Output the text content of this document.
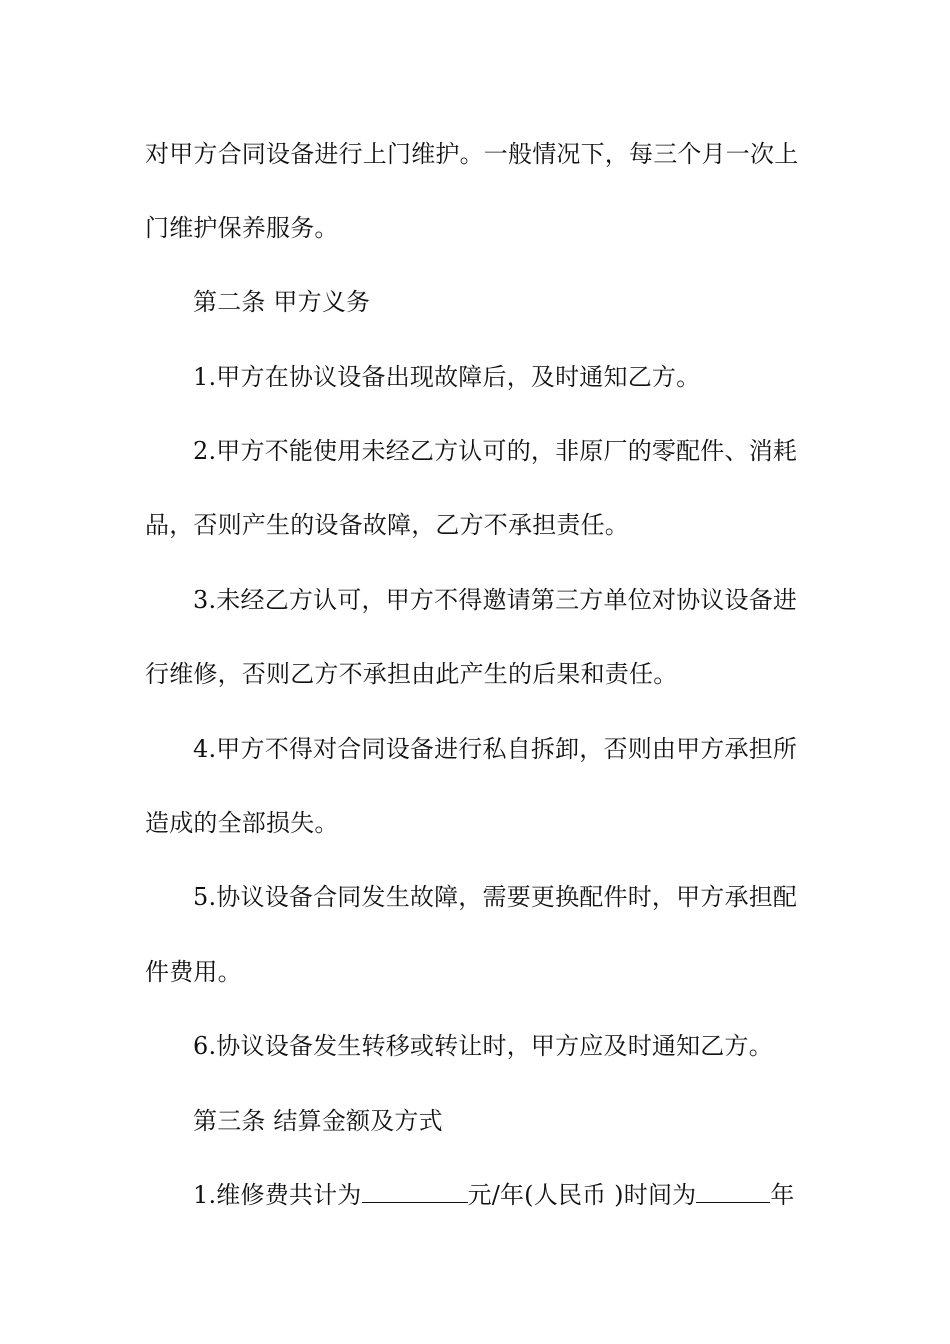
对甲方合同设备进行上门维护。一般情况下，每三个月一次上
门维护保养服务。
第二条 甲方义务
1.甲方在协议设备出现故障后，及时通知乙方。
2.甲方不能使用未经乙方认可的，非原厂的零配件、消耗
品，否则产生的设备故障，乙方不承担责任。
3.未经乙方认可，甲方不得邀请第三方单位对协议设备进
行维修，否则乙方不承担由此产生的后果和责任。
4.甲方不得对合同设备进行私自拆卸，否则由甲方承担所
造成的全部损失。
5.协议设备合同发生故障，需要更换配件时，甲方承担配
件费用。
6.协议设备发生转移或转让时，甲方应及时通知乙方。
第三条 结算金额及方式
1.维修费共计为	元/年(人民币 )时间为	年
